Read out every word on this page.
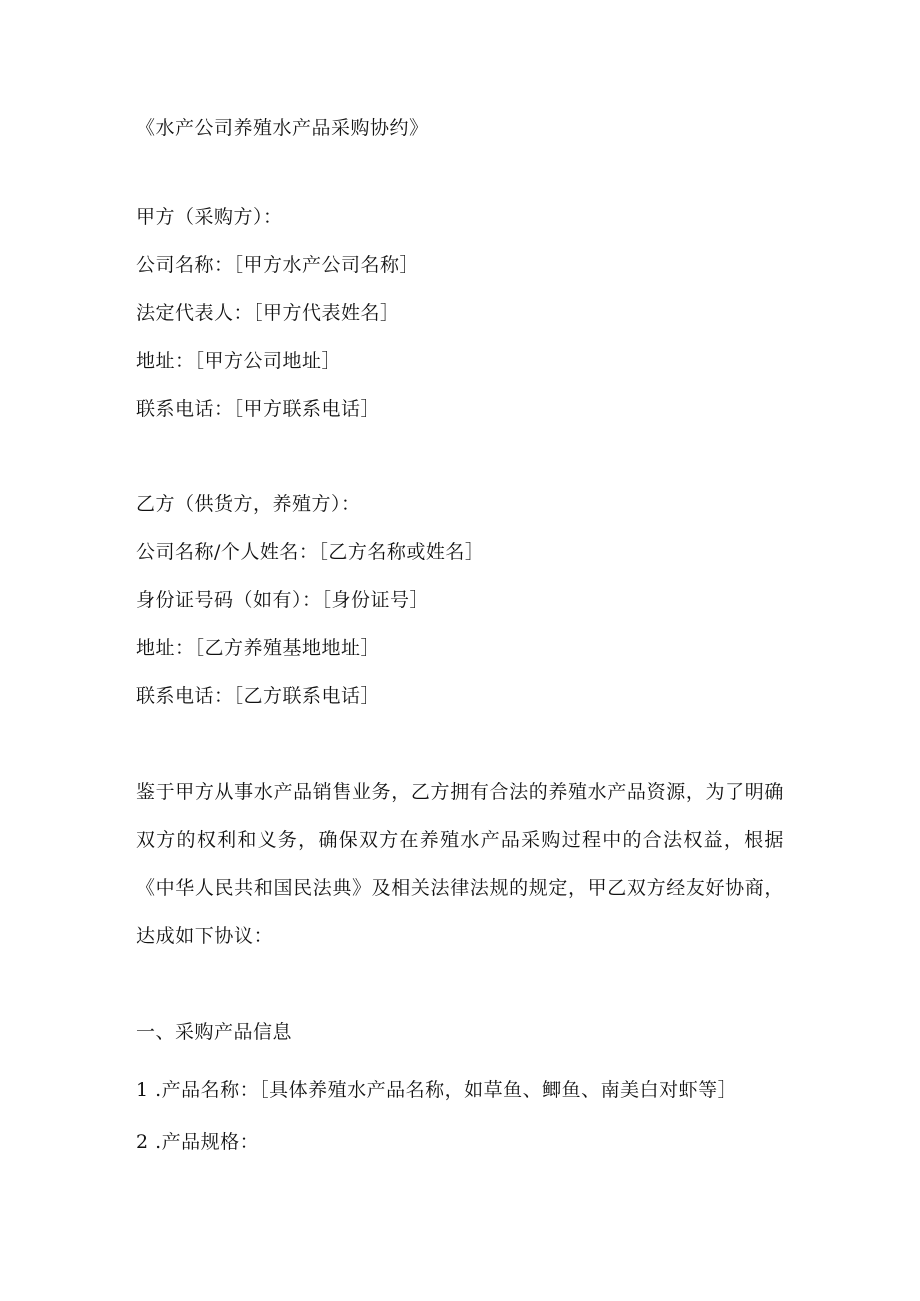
《水产公司养殖水产品采购协约》
甲方（采购方）：
公司名称：［甲方水产公司名称］
法定代表人：［甲方代表姓名］
地址：［甲方公司地址］
联系电话：［甲方联系电话］
乙方（供货方，养殖方）：
公司名称/个人姓名：［乙方名称或姓名］
身份证号码（如有）：［身份证号］
地址：［乙方养殖基地地址］
联系电话：［乙方联系电话］
鉴于甲方从事水产品销售业务，乙方拥有合法的养殖水产品资源，为了明确双方的权利和义务，确保双方在养殖水产品采购过程中的合法权益，根据《中华人民共和国民法典》及相关法律法规的规定，甲乙双方经友好协商，达成如下协议：
一、采购产品信息
1 .产品名称：［具体养殖水产品名称，如草鱼、鲫鱼、南美白对虾等］
2 .产品规格：
